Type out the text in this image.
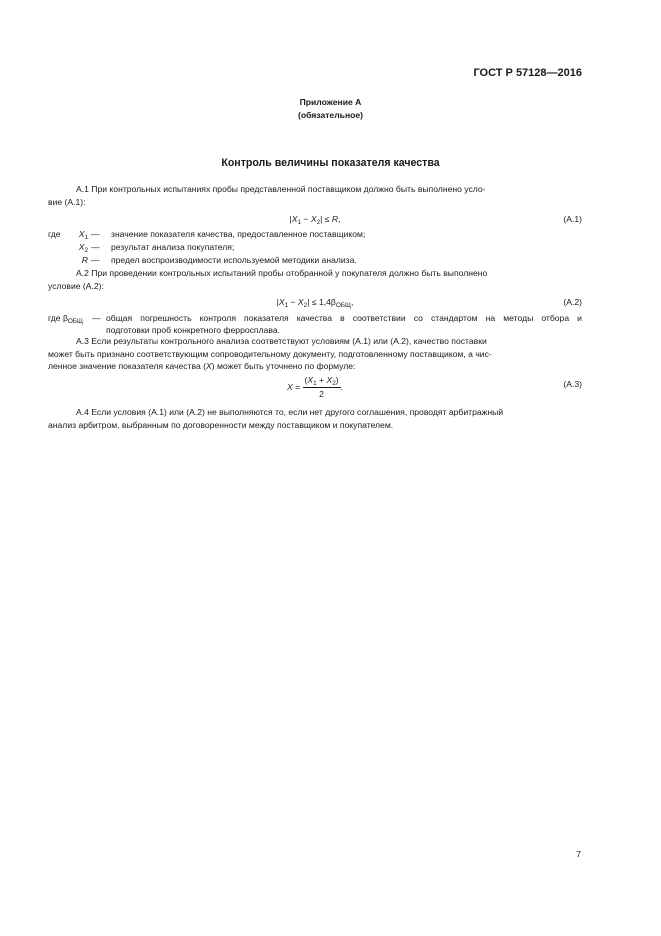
ГОСТ Р 57128—2016
Приложение А
(обязательное)
Контроль величины показателя качества
А.1 При контрольных испытаниях пробы представленной поставщиком должно быть выполнено усло-
вие (А.1):
$|X_1 - X_2| \le R$,	(А.1)
где	$X_1$ — значение показателя качества, предоставленное поставщиком;
$X_2$ — результат анализа покупателя;
R — предел воспроизводимости используемой методики анализа.
А.2 При проведении контрольных испытаний пробы отобранной у покупателя должно быть выполнено
условие (А.2):
$|X_1 - X_2| \le 1,4\beta_{ОБЩ}$,	(А.2)
где $\beta_{ОБЩ}$ — общая погрешность контроля показателя качества в соответствии со стандартом на методы отбора и
подготовки проб конкретного ферросплава.
А.3 Если результаты контрольного анализа соответствуют условиям (А.1) или (А.2), качество поставки
может быть признано соответствующим сопроводительному документу, подготовленному поставщиком, а чис-
ленное значение показателя качества (X) может быть уточнено по формуле:
$X = \frac{(X_1 + X_2)}{2}$ .	(А.3)
А.4 Если условия (А.1) или (А.2) не выполняются то, если нет другого соглашения, проводят арбитражный
анализ арбитром, выбранным по договоренности между поставщиком и покупателем.
7
